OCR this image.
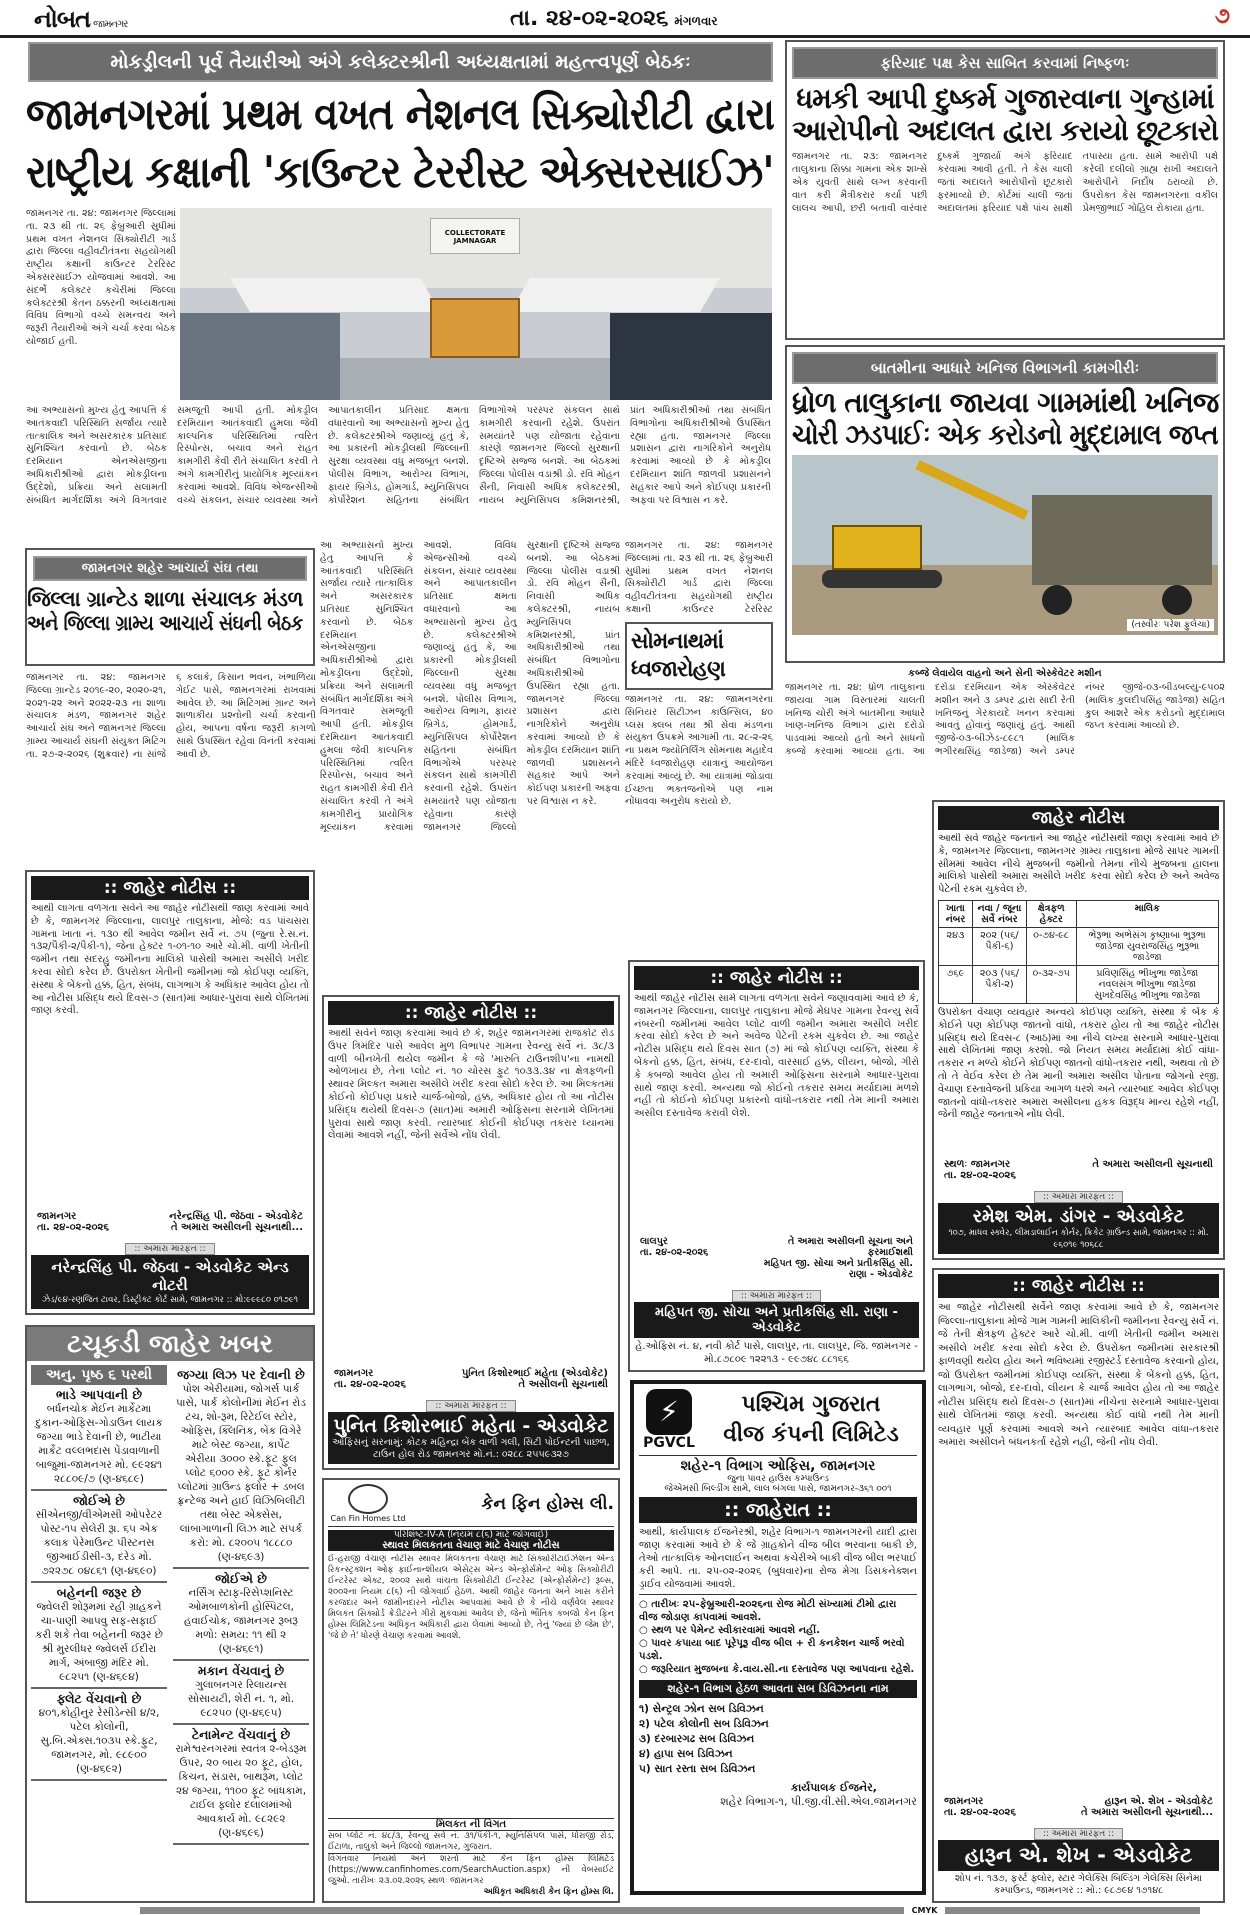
નોબત જામનગર	તા. ૨૪-૦૨-૨૦૨૬ મંગળવાર	૭
મોકડ્રીલની પૂર્વ તૈયારીઓ અંગે કલેક્ટરશ્રીની અધ્યક્ષતામાં મહત્ત્વપૂર્ણ બેઠકઃ
જામનગરમાં પ્રથમ વખત નેશનલ સિક્યોરીટી દ્વારા
રાષ્ટ્રીય કક્ષાની 'કાઉન્ટર ટેરરીસ્ટ એક્સરસાઈઝ'
જામનગર તા. ૨૪: જામનગર જિલ્લામાં તા. ૨૩ થી તા. ૨૬ ફેબ્રુઆરી સુધીમાં પ્રથમ વખત નેશનલ સિક્યોરીટી ગાર્ડ દ્વારા જિલ્લા વહીવટીતંત્રના સહયોગથી રાષ્ટ્રીય કક્ષાની કાઉન્ટર ટેરરિસ્ટ એક્સરસાઈઝ યોજવામાં આવશે. આ સંદર્ભે કલેક્ટર કચેરીમાં જિલ્લા કલેક્ટરશ્રી કેતન ઠક્કરની અધ્યક્ષતામાં વિવિધ વિભાગો વચ્ચે સમન્વય અને જરૂરી તૈયારીઓ અંગે ચર્ચા કરવા બેઠક યોજાઈ હતી.
COLLECTORATE JAMNAGAR
આ અભ્યાસનો મુખ્ય હેતુ આપત્તિ કે આતંકવાદી પરિસ્થિતિ સર્જાય ત્યારે તાત્કાલિક અને અસરકારક પ્રતિસાદ સુનિશ્ચિત કરવાનો છે. બેઠક દરમિયાન એનએસજીના અધિકારીશ્રીઓ દ્વારા મોકડ્રીલના ઉદ્દેશો, પ્રક્રિયા અને સલામતી સંબંધિત માર્ગદર્શિકા અંગે વિગતવાર સમજૂતી આપી હતી. મોકડ્રીલ દરમિયાન આતંકવાદી હુમલા જેવી કાલ્પનિક પરિસ્થિતિમાં ત્વરિત રિસ્પોન્સ, બચાવ અને રાહત કામગીરી કેવી રીતે સંચાલિત કરવી તે અંગે કામગીરીનું પ્રાયોગિક મૂલ્યાંકન કરવામાં આવશે. વિવિધ એજન્સીઓ વચ્ચે સંકલન, સંચાર વ્યવસ્થા અને આપાતકાલીન પ્રતિસાદ ક્ષમતા વધારવાનો આ અભ્યાસનો મુખ્ય હેતુ છે. કલેક્ટરશ્રીએ જણાવ્યું હતું કે, આ પ્રકારની મોકડ્રીલથી જિલ્લાની સુરક્ષા વ્યવસ્થા વધુ મજબૂત બનશે. પોલીસ વિભાગ, આરોગ્ય વિભાગ, ફાયર બ્રિગેડ, હોમગાર્ડ, મ્યુનિસિપલ કોર્પોરેશન સહિતના સંબંધિત વિભાગોએ પરસ્પર સંકલન સાથે કામગીરી કરવાની રહેશે. ઉપરાંત સમયાંતરે પણ યોજાતા રહેવાના કારણે જામનગર જિલ્લો સુરક્ષાની દૃષ્ટિએ સજ્જ બનશે. આ બેઠકમાં જિલ્લા પોલીસ વડાશ્રી ડો. રવિ મોહન સૈની, નિવાસી અધિક કલેક્ટરશ્રી, નાયબ મ્યુનિસિપલ કમિશનરશ્રી, પ્રાંત અધિકારીશ્રીઓ તથા સંબંધિત વિભાગોના અધિકારીશ્રીઓ ઉપસ્થિત રહ્યા હતા. જામનગર જિલ્લા પ્રશાસન દ્વારા નાગરિકોને અનુરોધ કરવામાં આવ્યો છે કે મોકડ્રીલ દરમિયાન શાંતિ જાળવી પ્રશાસનને સહકાર આપે અને કોઈપણ પ્રકારની અફવા પર વિશ્વાસ ન કરે.
જામનગર શહેર આચાર્ય સંઘ તથા
જિલ્લા ગ્રાન્ટેડ શાળા સંચાલક મંડળ
અને જિલ્લા ગ્રામ્ય આચાર્ય સંઘની બેઠક
જામનગર તા. ૨૪: જામનગર જિલ્લા ગ્રાન્ટેડ ૨૦૧૯-૨૦, ૨૦૨૦-૨૧, ૨૦૨૧-૨૨ અને ૨૦૨૨-૨૩ ના શાળા સંચાલક મંડળ, જામનગર શહેર આચાર્ય સંઘ અને જામનગર જિલ્લા ગ્રામ્ય આચાર્ય સંઘની સંયુક્ત મિટિંગ તા. ૨૭-૨-૨૦૨૬ (શુક્રવાર) ના સાંજે ૬ કલાકે, કિસાન ભવન, ખંભાળિયા ગેઈટ પાસે, જામનગરમાં રાખવામાં આવેલ છે. આ મિટિંગમાં ગ્રાન્ટ અને શાળાકીય પ્રશ્નોની ચર્ચા કરવાની હોય, આપના વર્ષના જરૂરી કાગળો સાથે ઉપસ્થિત રહેવા વિનંતી કરવામાં આવી છે.
આ અભ્યાસનો મુખ્ય હેતુ આપત્તિ કે આતંકવાદી પરિસ્થિતિ સર્જાય ત્યારે તાત્કાલિક અને અસરકારક પ્રતિસાદ સુનિશ્ચિત કરવાનો છે. બેઠક દરમિયાન એનએસજીના અધિકારીશ્રીઓ દ્વારા મોકડ્રીલના ઉદ્દેશો, પ્રક્રિયા અને સલામતી સંબંધિત માર્ગદર્શિકા અંગે વિગતવાર સમજૂતી આપી હતી. મોકડ્રીલ દરમિયાન આતંકવાદી હુમલા જેવી કાલ્પનિક પરિસ્થિતિમાં ત્વરિત રિસ્પોન્સ, બચાવ અને રાહત કામગીરી કેવી રીતે સંચાલિત કરવી તે અંગે કામગીરીનું પ્રાયોગિક મૂલ્યાંકન કરવામાં આવશે. વિવિધ એજન્સીઓ વચ્ચે સંકલન, સંચાર વ્યવસ્થા અને આપાતકાલીન પ્રતિસાદ ક્ષમતા વધારવાનો આ અભ્યાસનો મુખ્ય હેતુ છે. કલેક્ટરશ્રીએ જણાવ્યું હતું કે, આ પ્રકારની મોકડ્રીલથી જિલ્લાની સુરક્ષા વ્યવસ્થા વધુ મજબૂત બનશે. પોલીસ વિભાગ, આરોગ્ય વિભાગ, ફાયર બ્રિગેડ, હોમગાર્ડ, મ્યુનિસિપલ કોર્પોરેશન સહિતના સંબંધિત વિભાગોએ પરસ્પર સંકલન સાથે કામગીરી કરવાની રહેશે. ઉપરાંત સમયાંતરે પણ યોજાતા રહેવાના કારણે જામનગર જિલ્લો સુરક્ષાની દૃષ્ટિએ સજ્જ બનશે. આ બેઠકમાં જિલ્લા પોલીસ વડાશ્રી ડો. રવિ મોહન સૈની, નિવાસી અધિક કલેક્ટરશ્રી, નાયબ મ્યુનિસિપલ કમિશનરશ્રી, પ્રાંત અધિકારીશ્રીઓ તથા સંબંધિત વિભાગોના અધિકારીશ્રીઓ ઉપસ્થિત રહ્યા હતા. જામનગર જિલ્લા પ્રશાસન દ્વારા નાગરિકોને અનુરોધ કરવામાં આવ્યો છે કે મોકડ્રીલ દરમિયાન શાંતિ જાળવી પ્રશાસનને સહકાર આપે અને કોઈપણ પ્રકારની અફવા પર વિશ્વાસ ન કરે.
જામનગર તા. ૨૪: જામનગર જિલ્લામાં તા. ૨૩ થી તા. ૨૬ ફેબ્રુઆરી સુધીમાં પ્રથમ વખત નેશનલ સિક્યોરીટી ગાર્ડ દ્વારા જિલ્લા વહીવટીતંત્રના સહયોગથી રાષ્ટ્રીય કક્ષાની કાઉન્ટર ટેરરિસ્ટ
સોમનાથમાં ધ્વજારોહણ
જામનગર તા. ૨૪: જામનગરના સિનિયર સિટીઝન કાઉન્સિલ, ૪૦ પ્લસ ક્લબ તથા શ્રી સેવા મંડળના સંયુક્ત ઉપક્રમે આગામી તા. ૨૮-૨-૨૬ ના પ્રથમ જ્યોતિર્લિંગ સોમનાથ મહાદેવ મંદિરે ધ્વજારોહણ યાત્રાનું આયોજન કરવામાં આવ્યું છે. આ યાત્રામાં જોડાવા ઈચ્છતા ભક્તજનોએ પણ નામ નોંધાવવા અનુરોધ કરાયો છે.
ફરિયાદ પક્ષ કેસ સાબિત કરવામાં નિષ્ફળઃ
ધમકી આપી દુષ્કર્મ ગુજારવાના ગુન્હામાં
આરોપીનો અદાલત દ્વારા કરાયો છૂટકારો
જામનગર તા. ૨૩: જામનગર તાલુકાના સિક્કા ગામના એક શખ્સે એક યુવતી સાથે લગ્ન કરવાની વાત કરી મૈત્રીકરાર કર્યા પછી લાલચ આપી, છરી બતાવી વારંવાર દુષ્કર્મ ગુજાર્યા અંગે ફરિયાદ કરવામાં આવી હતી. તે કેસ ચાલી જતાં અદાલતે આરોપીનો છૂટકારો ફરમાવ્યો છે. કોર્ટમાં ચાલી જતાં અદાલતમાં ફરિયાદ પક્ષે પાંચ સાક્ષી તપાસ્યા હતા. સામે આરોપી પક્ષે કરેલી દલીલો ગ્રાહ્ય રાખી અદાલતે આરોપીને નિર્દોષ ઠરાવ્યો છે. ઉપરોક્ત કેસ જામનગરના વકીલ પ્રેમજીભાઈ ગોહિલ રોકાયા હતા.
બાતમીના આધારે ખનિજ વિભાગની કામગીરીઃ
ધ્રોળ તાલુકાના જાયવા ગામમાંથી ખનિજ
ચોરી ઝડપાઈઃ એક કરોડનો મુદ્દામાલ જપ્ત
(તસ્વીરઃ પરેશ ફુલેચા)
કબ્જે લેવાયેલ વાહનો અને સેની એસ્કેવેટર મશીન
જામનગર તા. ૨૪: ધ્રોળ તાલુકાના જાયવા ગામ વિસ્તારમાં ચાલતી ખનિજ ચોરી અંગે બાતમીના આધારે ખાણ-ખનિજ વિભાગ દ્વારા દરોડો પાડવામાં આવ્યો હતો અને સાધનો કબ્જે કરવામાં આવ્યા હતા. આ દરોડા દરમિયાન એક એસ્કેવેટર મશીન અને ૩ ડમ્પર દ્વારા સાદી રેતી ખનિજનું ગેરકાયદે ખનન કરવામાં આવતું હોવાનું જણાયું હતું. આથી જીજે-૦૩-બીઝેડ-૮૯૮૧ (માલિક ભગીરથસિંહ જાડેજા) અને ડમ્પર નંબર જીજે-૦૩-બીડબલ્યુ-૯૫૦૨ (માલિક કુલદીપસિંહ જાડેજા) સહિત કુલ આશરે એક કરોડનો મુદ્દામાલ જપ્ત કરવામાં આવ્યો છે.
:: જાહેર નોટીસ ::
આથી લાગતા વળગતા સર્વેને આ જાહેર નોટીસથી જાણ કરવામાં આવે છે કે, જામનગર જિલ્લાના, લાલપુર તાલુકાના, મોજે: વડ પાંચસરા ગામના ખાતા નં. ૧૩૦ થી આવેલ જમીન સર્વે નં. ૭૫ (જુના રે.સ.નં. ૧૩૨/પૈકી-૨/પૈકી-૧), જેના હેક્ટર ૧-૦૧-૧૦ આરે ચો.મી. વાળી ખેતીની જમીન તથા સદરહુ જમીનના માલિકો પાસેથી અમારા અસીલે ખરીદ કરવા સોદો કરેલ છે. ઉપરોક્ત ખેતીની જમીનમાં જો કોઈપણ વ્યક્તિ, સંસ્થા કે બેંકનો હક્ક, હિત, સંબંધ, લાગભાગ કે અધિકાર આવેલ હોય તો આ નોટીસ પ્રસિદ્ધ થયે દિવસ-૭ (સાત)માં આધાર-પુરાવા સાથે લેખિતમાં જાણ કરવી.
જામનગર
તા. ૨૪-૦૨-૨૦૨૬
નરેન્દ્રસિંહ પી. જેઠવા - એડવોકેટ
તે અમારા અસીલની સૂચનાથી...
:: અમારા મારફત ::
નરેન્દ્રસિંહ પી. જેઠવા - એડવોકેટ એન્ડ નોટરી
ઝેડ/૯૪-રણજિત ટાવર, ડિસ્ટ્રીક્ટ કોર્ટ સામે, જામનગર :: મો:૯૯૯૮૦ ૦૧૭૯૧
ટચૂકડી જાહેર ખબર
અનુ. પૃષ્ઠ ૬ પરથી
ભાડે આપવાની છે
બર્ધનચોક મેઈન માર્કેટમા દુકાન-ઓફિસ-ગોડાઉન લાયક જગ્યા ભાડે દેવાની છે, ભાટીયા માર્કેટ વલ્લભદાસ પેંડાવાળાની બાજુમાં-જામનગર મો. ૯૯૨૪૧ ૨૮૮૦૯/૭ (ણ-૪૬૮૯)
જોઈએ છે
સીએનજી/વીએમસી ઓપરેટર પોસ્ટ-૧૫ સેલેરી રૂા. ૬૫ એક કલાક પેરેમાઉન્ટ પીસ્ટનસ જીઆઈડીસી-૩, દરેડ મો. ૭૨૨૭૮ ૦૪૮૬૧ (ણ-૪૬૯૦)
બહેનની જરૂર છે
જ્વેલરી શોરૂમમાં રહી ગ્રાહકને ચા-પાણી આપવુ સફ-સફાઈ કરી શકે તેવા બહેનની જરૂર છે શ્રી મુરલીધર જ્વેલર્સ ઈદીરા માર્ગ, અંબાજી મંદિર મો. ૯૮૨૫૧ (ણ-૪૬૯૪)
ફ્લેટ વેંચવાનો છે
૪૦૧,કોહીનુર રેસીડેન્સી ૪/૨, પટેલ કોલોની, સુ.બિ.એક્સ.૧૦૩૫ સ્કે.ફુટ, જામનગર, મો. ૯૮૯૦૦ (ણ-૪૬૯૨)
જગ્યા લિઝ પર દેવાની છે
પોશ એરીયામાં, જોગર્સ પાર્ક પાસે, પાર્ક કોલોનીમાં મેઈન રોડ ટચ, શો-રૂમ, રિટેઈલ સ્ટોર, ઓફિસ, ક્લિનિક, બેંક વિગેરે માટે બેસ્ટ જગ્યા, કાર્પેટ એરીયા ૩૦૦૦ સ્કે.ફૂટ ફુલ પ્લોટ ૬૦૦૦ સ્કે. ફૂટ કોર્નર પ્લોટમાં ગ્રાઉન્ડ ફ્લોર + ડબલ ફ્રન્ટેજ અને હાઈ વિઝિબિલીટી તથા બેસ્ટ એક્સેસ, લાંબાગાળાની લિઝ માટે સંપર્ક કરો: મો. ૮૨૦૦૫ ૧૮૮૮૦ (ણ-૪૬૯૩)
જોઈએ છે
નર્સિંગ સ્ટાફ-રિસેપ્શનિસ્ટ ઓમબાળકોની હોસ્પિટલ, હવાઈચોક, જામનગર રૂબરૂ મળો: સમય: ૧૧ થી ૨ (ણ-૪૬૯૧)
મકાન વેંચવાનું છે
ગુલાબનગર રિલાયન્સ સોસાયટી, શેરી નં. ૧, મો. ૯૮૨૫૦ (ણ-૪૬૯૫)
ટેનામેન્ટ વેંચવાનું છે
રામેશ્વરનગરમાં સ્વતંત્ર ૨-બેડરૂમ ઉપર, ૨૦ બાય ૨૦ ફૂટ, હોલ, કિચન, સંડાસ, બાથરૂમ, પ્લોટ ૨૪ જગ્યા, ૧૧૦૦ ફૂટ બાંધકામ, ટાઈલ ફ્લોર દલાલમાંઓ આવકાર્ય મો. ૯૮૨૯૨ (ણ-૪૬૯૬)
:: જાહેર નોટીસ ::
આથી સર્વેને જાણ કરવામાં આવે છે કે, શહેર જામનગરમાં રાજકોટ રોડ ઉપર ત્રિમંદિર પાસે આવેલ મુળ વિભાપર ગામના રેવન્યુ સર્વે નં. ૩૮/૩ વાળી બીનખેતી થયેલ જમીન કે જે 'મારુતિ ટાઉનશીપ'ના નામથી ઓળખાય છે, તેના પ્લોટ નં. ૧૦ ચોરસ ફુટ ૧૦૩૩.૩૪ ના ક્ષેત્રફળની સ્થાવર મિલ્કત અમારા અસીલે ખરીદ કરવા સોદો કરેલ છે. આ મિલ્કતમાં કોઈનો કોઈપણ પ્રકારે ચાર્જ-બોજો, હક્ક, અધિકાર હોય તો આ નોટીસ પ્રસિદ્ધ થયેથી દિવસ-૭ (સાત)માં અમારી ઓફિસના સરનામે લેખિતમાં પુરાવા સાથે જાણ કરવી. ત્યારબાદ કોઈની કોઈપણ તકરાર ધ્યાનમાં લેવામાં આવશે નહીં, જેની સર્વેએ નોંધ લેવી.
જામનગર
તા. ૨૪-૦૨-૨૦૨૬
પુનિત કિશોરભાઈ મહેતા (એડવોકેટ)
તે અસીલની સૂચનાથી
:: અમારા મારફત ::
પુનિત કિશોરભાઈ મહેતા - એડવોકેટ
ઓફિસનું સરનામું: કોટક મહિન્દ્રા બેંક વાળી ગલી, સિટી પોઈન્ટની પાછળ, ટાઉન હોલ રોડ જામનગર મો.નં.: ૦૨૮૮ ૨૫૫૯૩૨૭
Can Fin Homes Ltd
કેન ફિન હોમ્સ લી.
પરિશિષ્ટ-IV-A (નિયમ ૮(૬) માટે જોગવાઈ)
સ્થાવર મિલકતના વેચાણ માટે વેચાણ નોટીસ
ઈ-હરાજી વેચાણ નોટીસ સ્થાવર મિલકતના વેચાણ માટે સિક્યોરીટાઈઝેશન એન્ડ રિકન્સ્ટ્રક્શન ઓફ ફાઈનાન્શીયલ એસેટ્સ એન્ડ એન્ફોર્સમેન્ટ ઓફ સિક્યોરીટી ઈન્ટરેસ્ટ એક્ટ, ૨૦૦૨ સાથે વાંચતા સિક્યોરીટી ઈન્ટરેસ્ટ (એન્ફોર્સમેન્ટ) રૂલ્સ, ૨૦૦૨ના નિયમ ૮(૬) ની જોગવાઈ હેઠળ. આથી જાહેર જનતા અને ખાસ કરીને કરજદાર અને જામીનદારને નોટીસ આપવામાં આવે છે કે નીચે વર્ણવેલ સ્થાવર મિલકત સિક્યોર્ડ ક્રેડીટરને ગીરો મુકવામાં આવેલ છે, જેનો ભૌતિક કબજો કેન ફિન હોમ્સ લિમિટેડના અધિકૃત અધિકારી દ્વારા લેવામાં આવ્યો છે, તેનું 'જ્યાં છે જેમ છે', 'જે છે તે' ધોરણે વેચાણ કરવામાં આવશે.
મિલકત ની વિગત
સબ પ્લોટ નં. ૪૮/૩, રેવન્યુ સર્વે નં. ૩૧/પૈકી-૧, મ્યુનિસિપલ પાસે, ધોરાજી રોડ, ઈંટાળા, તાલુકો અને જિલ્લો જામનગર, ગુજરાત.
વિગતવાર નિયમો અને શરતો માટે કેન ફિન હોમ્સ લિમિટેડ (https://www.canfinhomes.com/SearchAuction.aspx) ની વેબસાઈટ જુઓ. તારીખઃ ૨૩.૦૨.૨૦૨૬ સ્થળઃ જામનગર
અધિકૃત અધિકારી કેન ફિન હોમ્સ લિ.
:: જાહેર નોટીસ ::
આથી જાહેર નોટીસ સામે લાગતા વળગતા સર્વેને જણાવવામાં આવે છે કે, જામનગર જિલ્લાના, લાલપુર તાલુકાના મોજે મેઘપર ગામના રેવન્યુ સર્વે નંબરની જમીનમાં આવેલ પ્લોટ વાળી જમીન અમારા અસીલે ખરીદ કરવા સોદો કરેલ છે અને અવેજ પેટેની રકમ ચુકવેલ છે. આ જાહેર નોટીસ પ્રસિદ્ધ થયે દિવસ સાત (૭) માં જો કોઈપણ વ્યક્તિ, સંસ્થા કે બેંકનો હક્ક, હિત, સંબંધ, દર-દાવો, વારસાઈ હક્ક, લીયન, બોજો, ગીરો કે કબજો આવેલ હોય તો અમારી ઓફિસના સરનામે આધાર-પુરાવા સાથે જાણ કરવી. અન્યથા જો કોઈનો તકરાર સમય મર્યાદામાં મળશે નહીં તો કોઈનો કોઈપણ પ્રકારનો વાંધો-તકરાર નથી તેમ માની અમારા અસીલ દસ્તાવેજ કરાવી લેશે.
લાલપુર
તા. ૨૪-૦૨-૨૦૨૬
તે અમારા અસીલની સૂચના અને ફરમાઈશથી
મહિપત જી. સોચા અને પ્રતીકસિંહ સી. રાણા - એડવોકેટ
:: અમારા મારફત ::
મહિપત જી. સોચા અને પ્રતીકસિંહ સી. રાણા - એડવોકેટ
હે.ઓફિસ નં. ૪, નવી કોર્ટ પાસે, લાલપુર, તા. લાલપુર, જિ. જામનગર - મો.૮૭૮૦૯ ૧૨૨૧૩ - ૯૯૭૪૮ ૮૮૧૬૬
⚡
PGVCL
પશ્ચિમ ગુજરાત
વીજ કંપની લિમિટેડ
શહેર-૧ વિભાગ ઓફિસ, જામનગર
જુના પાવર હાઉસ કમ્પાઉન્ડ
જેએમસી બિલ્ડીંગ સામે, લાલ બંગલા પાસે, જામનગર-૩૬૧ ૦૦૧
:: જાહેરાત ::
આથી, કાર્યપાલક ઈજનેરશ્રી, શહેર વિભાગ-૧ જામનગરની યાદી દ્વારા જાણ કરવામાં આવે છે કે જે ગ્રાહકોને વીજ બીલ ભરવાના બાકી છે, તેઓ તાત્કાલિક ઓનલાઈન અથવા કચેરીએ બાકી વીજ બીલ ભરપાઈ કરી આપે. તા. ૨૫-૦૨-૨૦૨૬ (બુધવાર)ના રોજ મેગા ડિસકનેક્શન ડ્રાઈવ યોજવામાં આવશે.
○ તારીખઃ ૨૫-ફેબ્રુઆરી-૨૦૨૬ના રોજ મોટી સંખ્યામાં ટીમો દ્વારા વીજ જોડાણ કાપવામાં આવશે.
○ સ્થળ પર પેમેન્ટ સ્વીકારવામાં આવશે નહીં.
○ પાવર કપાયા બાદ પૂરેપૂરૂ વીજ બીલ + રી કનકેશન ચાર્જ ભરવો પડશે.
○ જરૂરિયાત મુજબના કે.વાય.સી.ના દસ્તાવેજ પણ આપવાના રહેશે.
શહેર-૧ વિભાગ હેઠળ આવતા સબ ડિવિઝનના નામ
૧) સેન્ટ્રલ ઝોન સબ ડિવિઝન
૨) પટેલ કોલોની સબ ડિવિઝન
૩) દરબારગઢ સબ ડિવિઝન
૪) હાપા સબ ડિવિઝન
૫) સાત રસ્તા સબ ડિવિઝન
કાર્યપાલક ઈજનેર,
શહેર વિભાગ-૧, પી.જી.વી.સી.એલ.જામનગર
જાહેર નોટીસ
આથી સર્વે જાહેર જનતાને આ જાહેર નોટીસથી જાણ કરવામાં આવે છે કે, જામનગર જિલ્લાના, જામનગર ગ્રામ્ય તાલુકાના મોજે સાપર ગામની સીમમાં આવેલ નીચે મુજબની જમીનો તેમના નીચે મુજબના હાલના માલિકો પાસેથી અમારા અસીલે ખરીદ કરવા સોદો કરેલ છે અને અવેજ પેટેની રકમ ચુકવેલ છે.
ખાતા નંબર	નવા / જૂના સર્વે નંબર	ક્ષેત્રફળ હેક્ટર	માલિક
૨૪૩	૨૦૨ (૫૬/પૈકી-૬)	૦-૭૪-૯૮	ભેરૂભા અભેસંગ કૃષ્ણાબા ભુરૂભા જાડેજા યુવરાજસિંહ ભુરૂભા જાડેજા
૭૬૯	૨૦૩ (૫૬/પૈકી-૨)	૦-૩૨-૭૫	પ્રવિણસિંહ ભીખુભા જાડેજા નવલસંગ ભીખુભા જાડેજા સુખદેવસિંહ ભીખુભા જાડેજા
ઉપરોક્ત વેંચાણ વ્યવહાર અન્વયે કોઈપણ વ્યક્તિ, સંસ્થા કે બેંક કે કોઈને પણ કોઈપણ જાતનો વાંધો, તકરાર હોય તો આ જાહેર નોટીસ પ્રસિદ્ધ થયે દિવસ-૮ (આઠ)માં આ નીચે લખ્યા સરનામે આધાર-પુરાવા સાથે લેખિતમાં જાણ કરશો. જો નિયત સમય મર્યાદામાં કોઈ વાંધા-તકરાર ન મળ્યે કોઈને કોઈપણ જાતનો વાંધો-તકરાર નથી, અથવા તો છે તો તે વેઈવ કરેલ છે તેમ માની અમારા અસીલ પોતાના જોગનો રજી. વેંચાણ દસ્તાવેજની પ્રકિયા આગળ ધરશે અને ત્યારબાદ આવેલ કોઈપણ જાતનો વાંધો-તકરાર અમારા અસીલના હકક વિરૂદ્ધ માન્ય રહેશે નહીં, જેની જાહેર જનતાએ નોંધ લેવી.
સ્થળઃ જામનગર
તા. ૨૪-૦૨-૨૦૨૬
તે અમારા અસીલની સૂચનાથી
:: અમારા મારફત ::
રમેશ એમ. ડાંગર - એડવોકેટ
૧૦૭, માધવ સ્ક્વેર, લીમડાલાઈન કોર્નર, ક્રિકેટ ગ્રાઉન્ડ સામે, જામનગર :: મો. ૯૬૦૧૯ ૧૦૬૮૮
:: જાહેર નોટીસ ::
આ જાહેર નોટીસથી સર્વેને જાણ કરવામાં આવે છે કે, જામનગર જિલ્લા-તાલુકાના મોજે ગામ ગામની માલિકીની જમીનના રેવન્યુ સર્વે નં. જે તેની ક્ષેત્રફળ હેક્ટર આરે ચો.મી. વાળી ખેતીની જમીન અમારા અસીલે ખરીદ કરવા સોદો કરેલ છે. ઉપરોક્ત જમીનમાં સરકારશ્રી ફાળવણી થયેલ હોય અને ભવિષ્યમાં રજીસ્ટર્ડ દસ્તાવેજ કરવાનો હોય, જો ઉપરોક્ત જમીનમાં કોઈપણ વ્યક્તિ, સંસ્થા કે બેંકનો હક્ક, હિત, લાગભાગ, બોજો, દર-દાવો, લીયન કે ચાર્જ આવેલ હોય તો આ જાહેર નોટીસ પ્રસિદ્ધ થયે દિવસ-૭ (સાત)માં નીચેના સરનામે આધાર-પુરાવા સાથે લેખિતમાં જાણ કરવી. અન્યથા કોઈ વાંધો નથી તેમ માની વ્યવહાર પૂર્ણ કરવામાં આવશે અને ત્યારબાદ આવેલ વાંધા-તકરાર અમારા અસીલને બંધનકર્તા રહેશે નહીં, જેની નોંધ લેવી.
જામનગર
તા. ૨૪-૦૨-૨૦૨૬
હારૂન એ. શેખ - એડવોકેટ
તે અમારા અસીલની સૂચનાથી...
:: અમારા મારફત ::
હારૂન એ. શેખ - એડવોકેટ
શોપ નં. ૧૩૭, ફર્સ્ટ ફ્લોર, સ્ટાર ગેલેક્સિ બિલ્ડિંગ ગેલેક્સિ સિનેમા કમ્પાઉન્ડ, જામનગર :: મો.: ૯૮૭૯૪ ૧૭૧૪૮
CMYK
